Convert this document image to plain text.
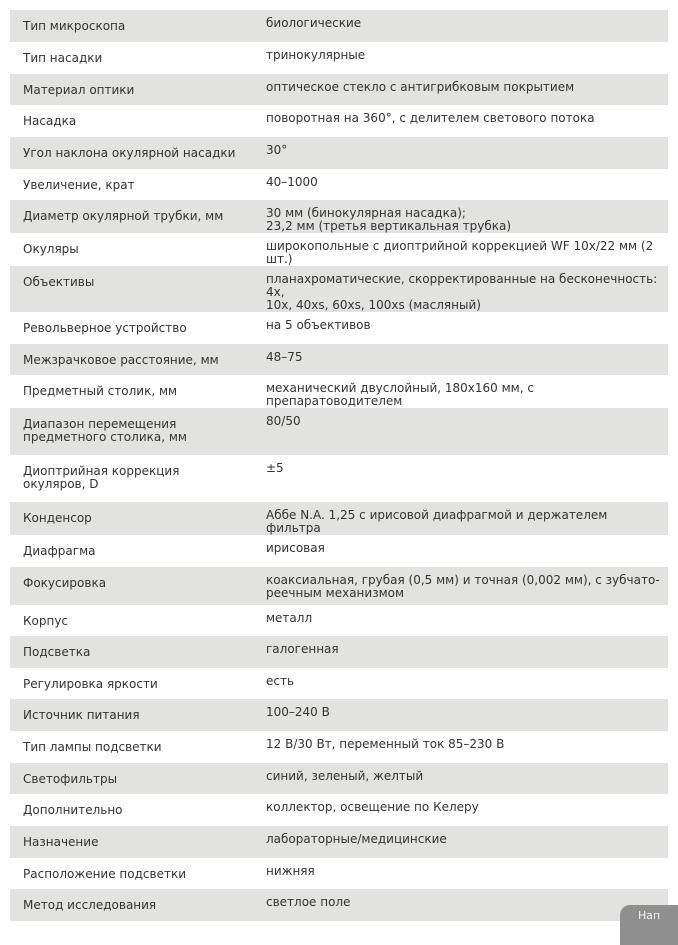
Тип микроскопа	биологические
Тип насадки	тринокулярные
Материал оптики	оптическое стекло с антигрибковым покрытием
Насадка	поворотная на 360°, с делителем светового потока
Угол наклона окулярной насадки	30°
Увеличение, крат	40–1000
Диаметр окулярной трубки, мм	30 мм (бинокулярная насадка);
23,2 мм (третья вертикальная трубка)
Окуляры	широкопольные с диоптрийной коррекцией WF 10x/22 мм (2 шт.)
Объективы	планахроматические, скорректированные на бесконечность: 4x,
10x, 40xs, 60xs, 100xs (масляный)
Револьверное устройство	на 5 объективов
Межзрачковое расстояние, мм	48–75
Предметный столик, мм	механический двуслойный, 180x160 мм, с препаратоводителем
Диапазон перемещения
предметного столика, мм	80/50
Диоптрийная коррекция
окуляров, D	±5
Конденсор	Аббе N.A. 1,25 с ирисовой диафрагмой и держателем фильтра
Диафрагма	ирисовая
Фокусировка	коаксиальная, грубая (0,5 мм) и точная (0,002 мм), с зубчато-
реечным механизмом
Корпус	металл
Подсветка	галогенная
Регулировка яркости	есть
Источник питания	100–240 В
Тип лампы подсветки	12 В/30 Вт, переменный ток 85–230 В
Светофильтры	синий, зеленый, желтый
Дополнительно	коллектор, освещение по Келеру
Назначение	лабораторные/медицинские
Расположение подсветки	нижняя
Метод исследования	светлое поле
Нап
